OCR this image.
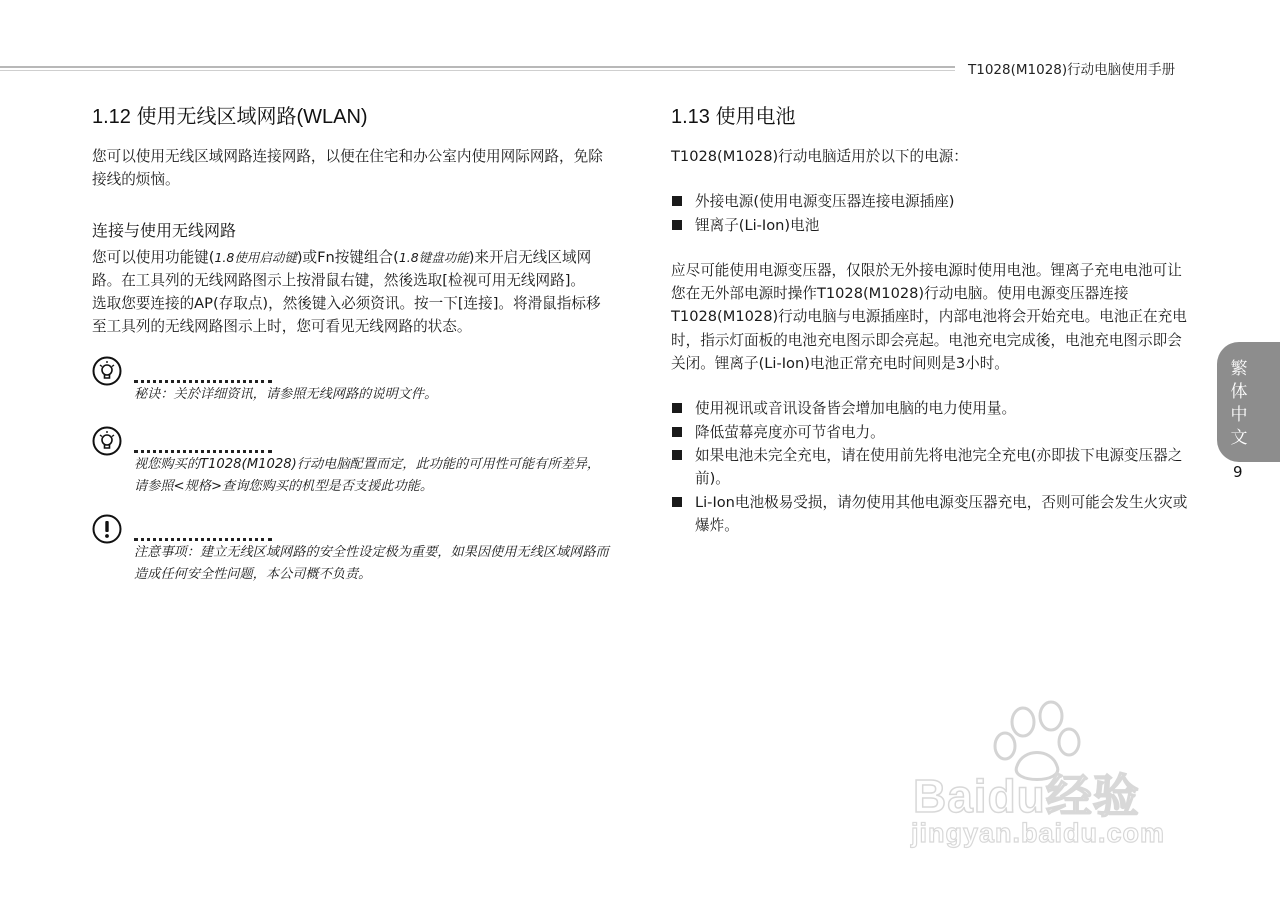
T1028(M1028)行动电脑使用手册
1.12 使用无线区域网路(WLAN)

您可以使用无线区域网路连接网路，以便在住宅和办公室内使用网际网路，免除接线的烦恼。

连接与使用无线网路

您可以使用功能键(1.8使用启动键)或Fn按键组合(1.8键盘功能)来开启无线区域网路。在工具列的无线网路图示上按滑鼠右键，然後选取[检视可用无线网路]。

选取您要连接的AP(存取点)，然後键入必须资讯。按一下[连接]。将滑鼠指标移至工具列的无线网路图示上时，您可看见无线网路的状态。

秘诀：关於详细资讯，请参照无线网路的说明文件。
视您购买的T1028(M1028)行动电脑配置而定，此功能的可用性可能有所差异，请参照<规格>查询您购买的机型是否支援此功能。
注意事项：建立无线区域网路的安全性设定极为重要，如果因使用无线区域网路而造成任何安全性问题，本公司概不负责。
1.13 使用电池

T1028(M1028)行动电脑适用於以下的电源：

外接电源(使用电源变压器连接电源插座)
锂离子(Li-Ion)电池

应尽可能使用电源变压器，仅限於无外接电源时使用电池。锂离子充电电池可让您在无外部电源时操作T1028(M1028)行动电脑。使用电源变压器连接T1028(M1028)行动电脑与电源插座时，内部电池将会开始充电。电池正在充电时，指示灯面板的电池充电图示即会亮起。电池充电完成後，电池充电图示即会关闭。锂离子(Li-Ion)电池正常充电时间则是3小时。

使用视讯或音讯设备皆会增加电脑的电力使用量。
降低萤幕亮度亦可节省电力。
如果电池未完全充电，请在使用前先将电池完全充电(亦即拔下电源变压器之前)。
Li-Ion电池极易受损，请勿使用其他电源变压器充电，否则可能会发生火灾或爆炸。
繁体中文
9
Baidu经验
jingyan.baidu.com
